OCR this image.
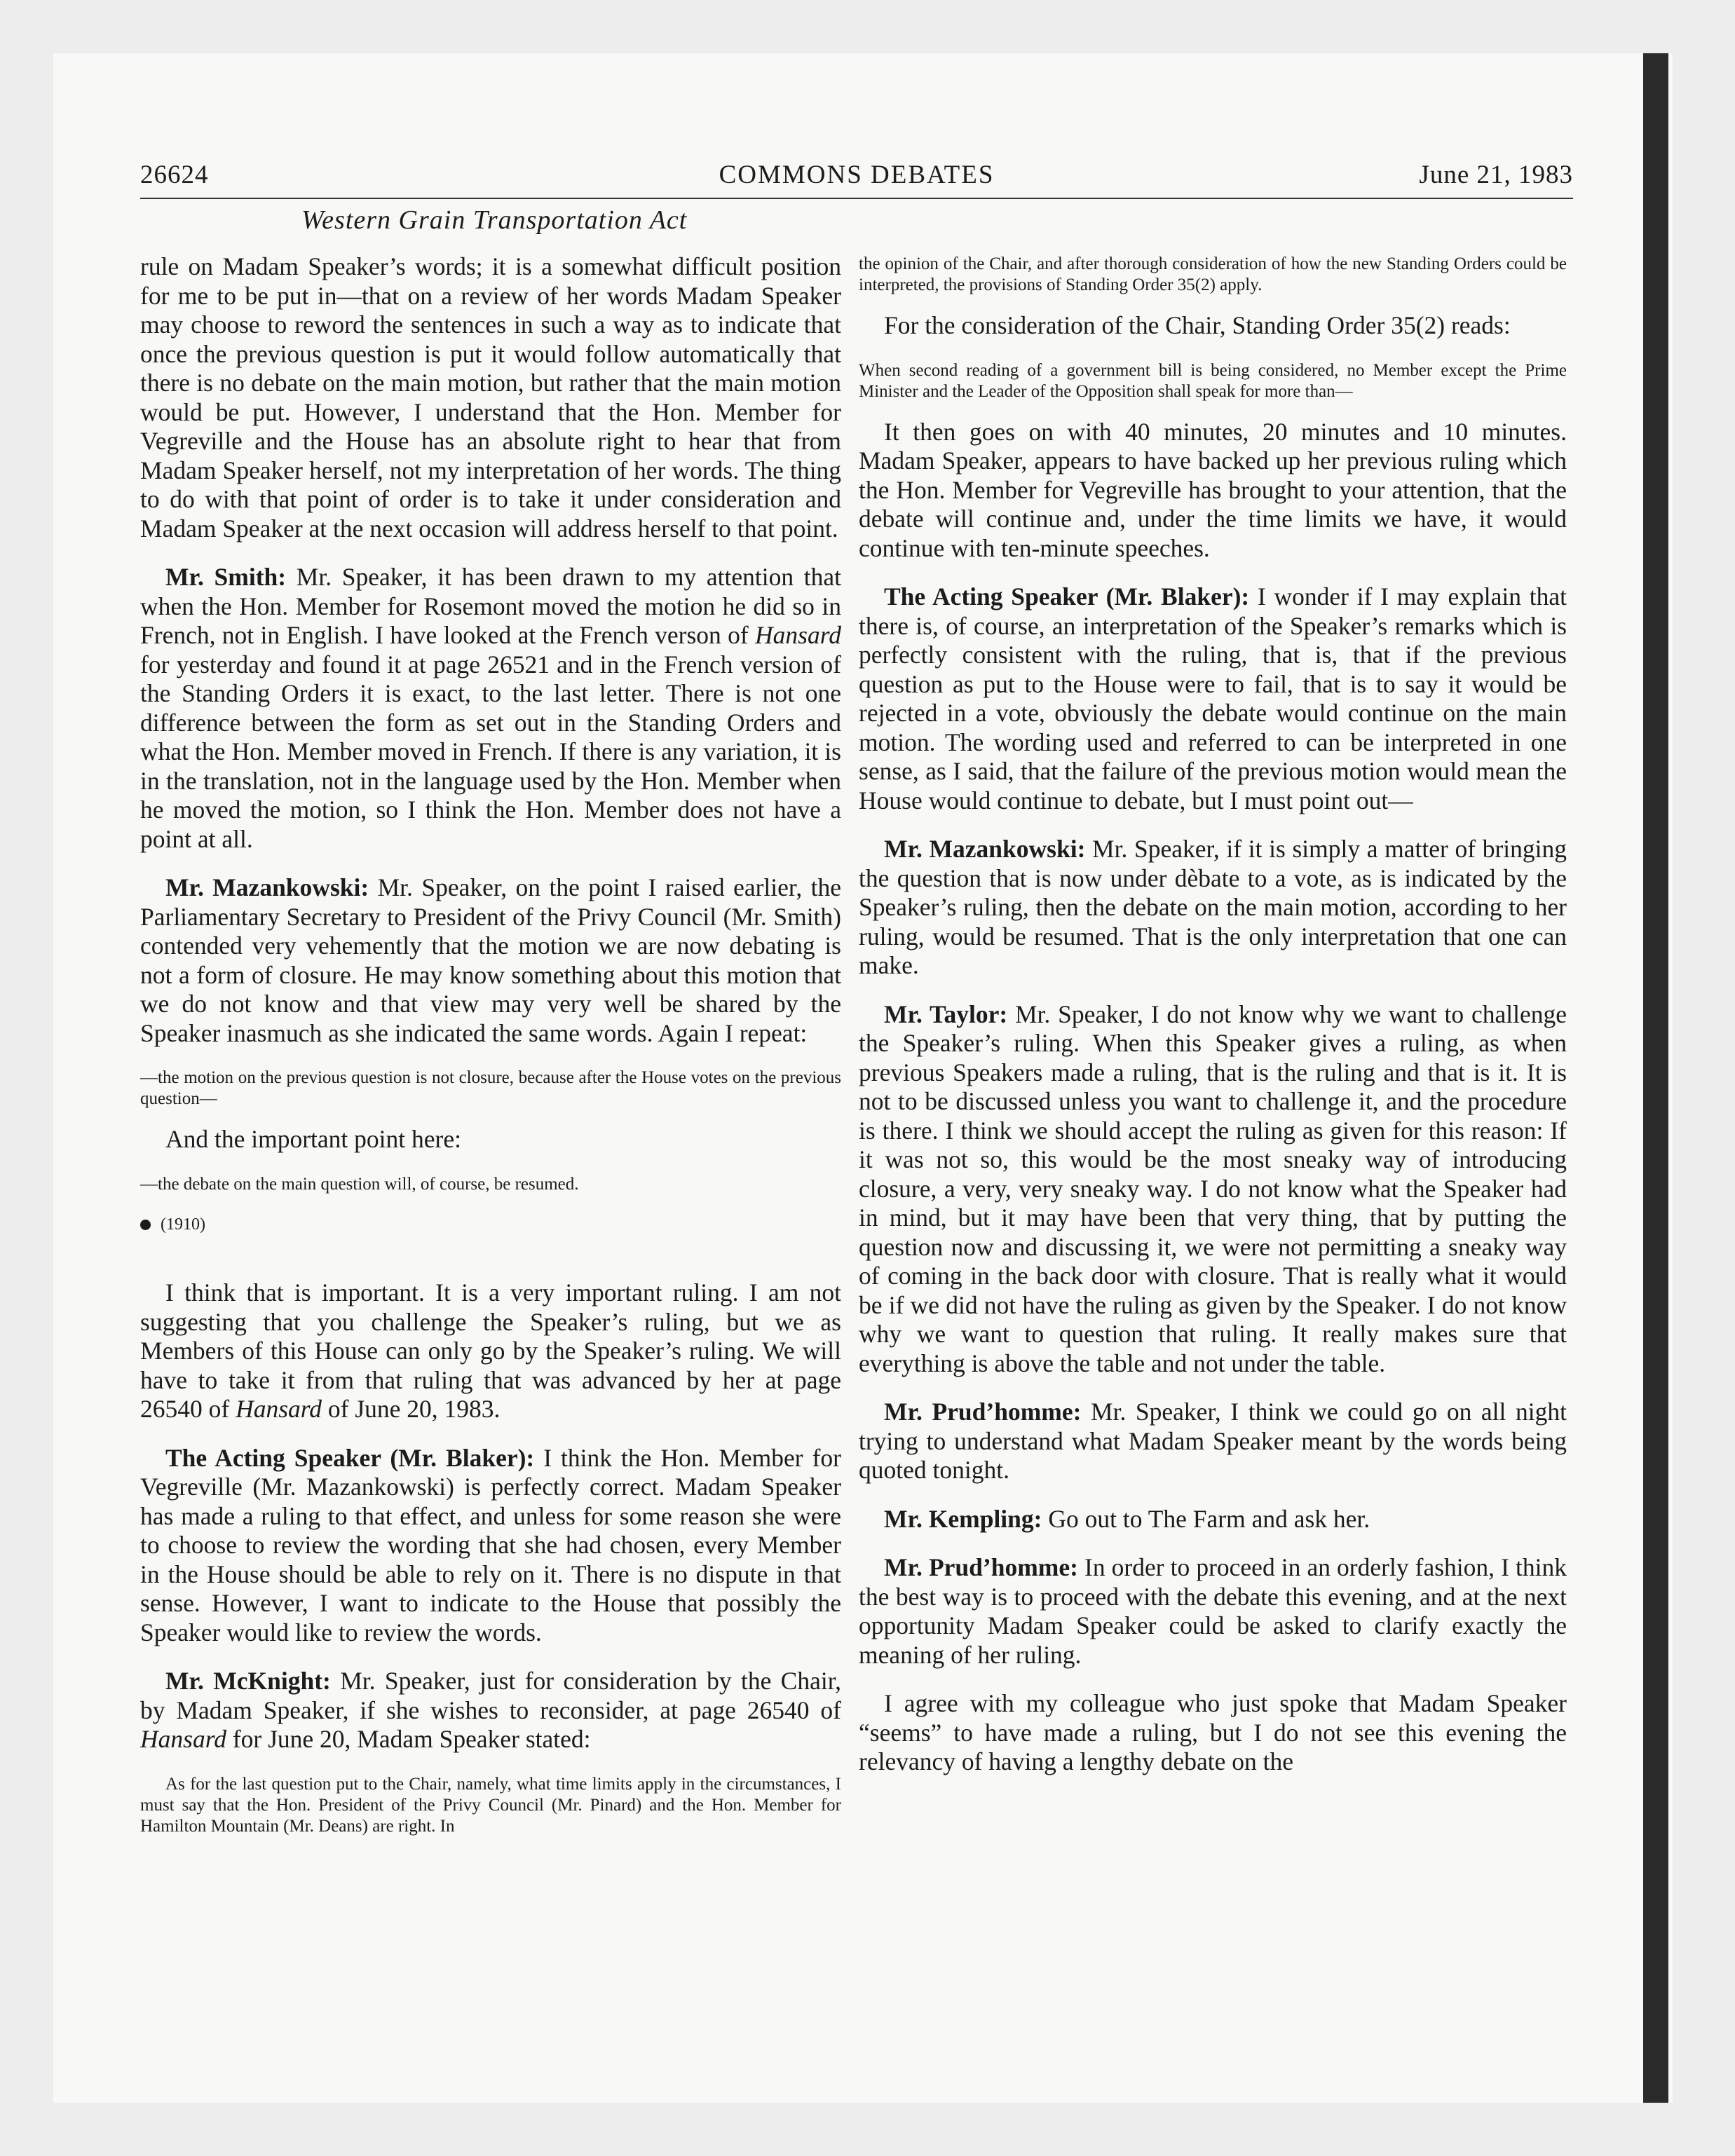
26624	COMMONS DEBATES	June 21, 1983
Western Grain Transportation Act

rule on Madam Speaker’s words; it is a somewhat difficult position for me to be put in—that on a review of her words Madam Speaker may choose to reword the sentences in such a way as to indicate that once the previous question is put it would follow automatically that there is no debate on the main motion, but rather that the main motion would be put. However, I understand that the Hon. Member for Vegreville and the House has an absolute right to hear that from Madam Speaker herself, not my interpretation of her words. The thing to do with that point of order is to take it under consideration and Madam Speaker at the next occasion will address herself to that point.

Mr. Smith: Mr. Speaker, it has been drawn to my attention that when the Hon. Member for Rosemont moved the motion he did so in French, not in English. I have looked at the French verson of Hansard for yesterday and found it at page 26521 and in the French version of the Standing Orders it is exact, to the last letter. There is not one difference between the form as set out in the Standing Orders and what the Hon. Member moved in French. If there is any variation, it is in the translation, not in the language used by the Hon. Member when he moved the motion, so I think the Hon. Member does not have a point at all.

Mr. Mazankowski: Mr. Speaker, on the point I raised earlier, the Parliamentary Secretary to President of the Privy Council (Mr. Smith) contended very vehemently that the motion we are now debating is not a form of closure. He may know something about this motion that we do not know and that view may very well be shared by the Speaker inasmuch as she indicated the same words. Again I repeat:

—the motion on the previous question is not closure, because after the House votes on the previous question—

And the important point here:

—the debate on the main question will, of course, be resumed.

(1910)

I think that is important. It is a very important ruling. I am not suggesting that you challenge the Speaker’s ruling, but we as Members of this House can only go by the Speaker’s ruling. We will have to take it from that ruling that was advanced by her at page 26540 of Hansard of June 20, 1983.

The Acting Speaker (Mr. Blaker): I think the Hon. Member for Vegreville (Mr. Mazankowski) is perfectly correct. Madam Speaker has made a ruling to that effect, and unless for some reason she were to choose to review the wording that she had chosen, every Member in the House should be able to rely on it. There is no dispute in that sense. However, I want to indicate to the House that possibly the Speaker would like to review the words.

Mr. McKnight: Mr. Speaker, just for consideration by the Chair, by Madam Speaker, if she wishes to reconsider, at page 26540 of Hansard for June 20, Madam Speaker stated:

As for the last question put to the Chair, namely, what time limits apply in the circumstances, I must say that the Hon. President of the Privy Council (Mr. Pinard) and the Hon. Member for Hamilton Mountain (Mr. Deans) are right. In

the opinion of the Chair, and after thorough consideration of how the new Standing Orders could be interpreted, the provisions of Standing Order 35(2) apply.

For the consideration of the Chair, Standing Order 35(2) reads:

When second reading of a government bill is being considered, no Member except the Prime Minister and the Leader of the Opposition shall speak for more than—

It then goes on with 40 minutes, 20 minutes and 10 minutes. Madam Speaker, appears to have backed up her previous ruling which the Hon. Member for Vegreville has brought to your attention, that the debate will continue and, under the time limits we have, it would continue with ten-minute speeches.

The Acting Speaker (Mr. Blaker): I wonder if I may explain that there is, of course, an interpretation of the Speaker’s remarks which is perfectly consistent with the ruling, that is, that if the previous question as put to the House were to fail, that is to say it would be rejected in a vote, obviously the debate would continue on the main motion. The wording used and referred to can be interpreted in one sense, as I said, that the failure of the previous motion would mean the House would continue to debate, but I must point out—

Mr. Mazankowski: Mr. Speaker, if it is simply a matter of bringing the question that is now under dèbate to a vote, as is indicated by the Speaker’s ruling, then the debate on the main motion, according to her ruling, would be resumed. That is the only interpretation that one can make.

Mr. Taylor: Mr. Speaker, I do not know why we want to challenge the Speaker’s ruling. When this Speaker gives a ruling, as when previous Speakers made a ruling, that is the ruling and that is it. It is not to be discussed unless you want to challenge it, and the procedure is there. I think we should accept the ruling as given for this reason: If it was not so, this would be the most sneaky way of introducing closure, a very, very sneaky way. I do not know what the Speaker had in mind, but it may have been that very thing, that by putting the question now and discussing it, we were not permitting a sneaky way of coming in the back door with closure. That is really what it would be if we did not have the ruling as given by the Speaker. I do not know why we want to question that ruling. It really makes sure that everything is above the table and not under the table.

Mr. Prud’homme: Mr. Speaker, I think we could go on all night trying to understand what Madam Speaker meant by the words being quoted tonight.

Mr. Kempling: Go out to The Farm and ask her.

Mr. Prud’homme: In order to proceed in an orderly fashion, I think the best way is to proceed with the debate this evening, and at the next opportunity Madam Speaker could be asked to clarify exactly the meaning of her ruling.

I agree with my colleague who just spoke that Madam Speaker “seems” to have made a ruling, but I do not see this evening the relevancy of having a lengthy debate on the
